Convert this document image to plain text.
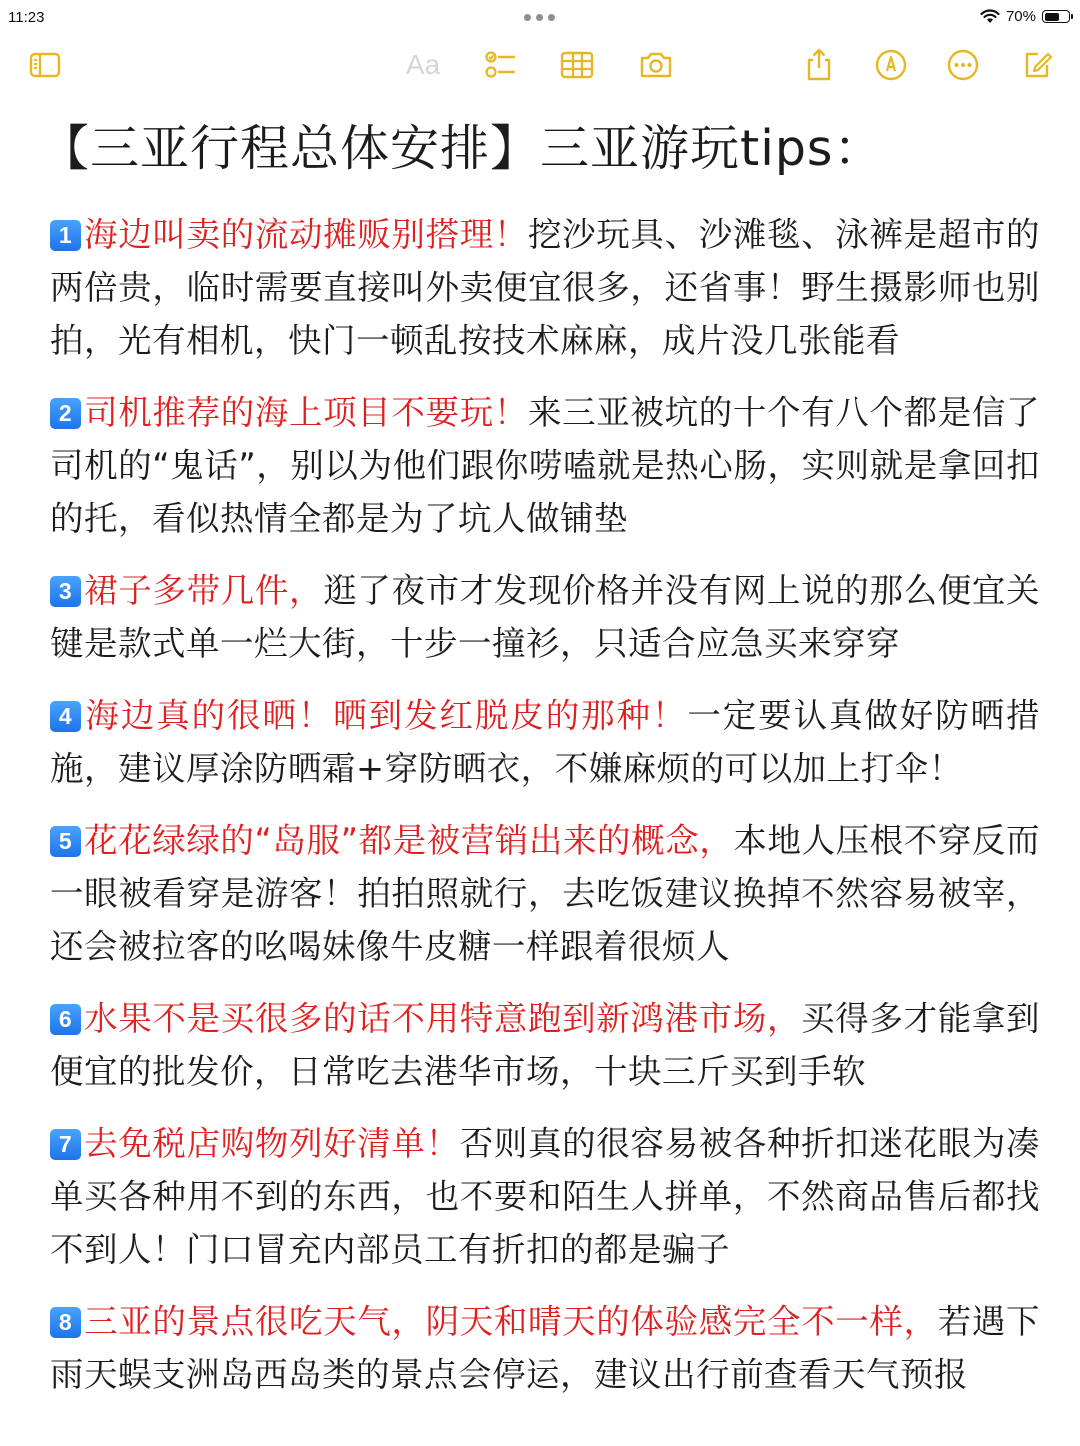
11:23	70%
Aa
【三亚行程总体安排】三亚游玩tips：

1 海边叫卖的流动摊贩别搭理！挖沙玩具、沙滩毯、泳裤是超市的两倍贵，临时需要直接叫外卖便宜很多，还省事！野生摄影师也别拍，光有相机，快门一顿乱按技术麻麻，成片没几张能看

2 司机推荐的海上项目不要玩！来三亚被坑的十个有八个都是信了司机的“鬼话”，别以为他们跟你唠嗑就是热心肠，实则就是拿回扣的托，看似热情全都是为了坑人做铺垫

3 裙子多带几件，逛了夜市才发现价格并没有网上说的那么便宜关键是款式单一烂大街，十步一撞衫，只适合应急买来穿穿

4 海边真的很晒！晒到发红脱皮的那种！一定要认真做好防晒措施，建议厚涂防晒霜+穿防晒衣，不嫌麻烦的可以加上打伞！

5 花花绿绿的“岛服”都是被营销出来的概念，本地人压根不穿反而一眼被看穿是游客！拍拍照就行，去吃饭建议换掉不然容易被宰，还会被拉客的吆喝妹像牛皮糖一样跟着很烦人

6 水果不是买很多的话不用特意跑到新鸿港市场，买得多才能拿到便宜的批发价，日常吃去港华市场，十块三斤买到手软

7 去免税店购物列好清单！否则真的很容易被各种折扣迷花眼为凑单买各种用不到的东西，也不要和陌生人拼单，不然商品售后都找不到人！门口冒充内部员工有折扣的都是骗子

8 三亚的景点很吃天气，阴天和晴天的体验感完全不一样，若遇下雨天蜈支洲岛西岛类的景点会停运，建议出行前查看天气预报
